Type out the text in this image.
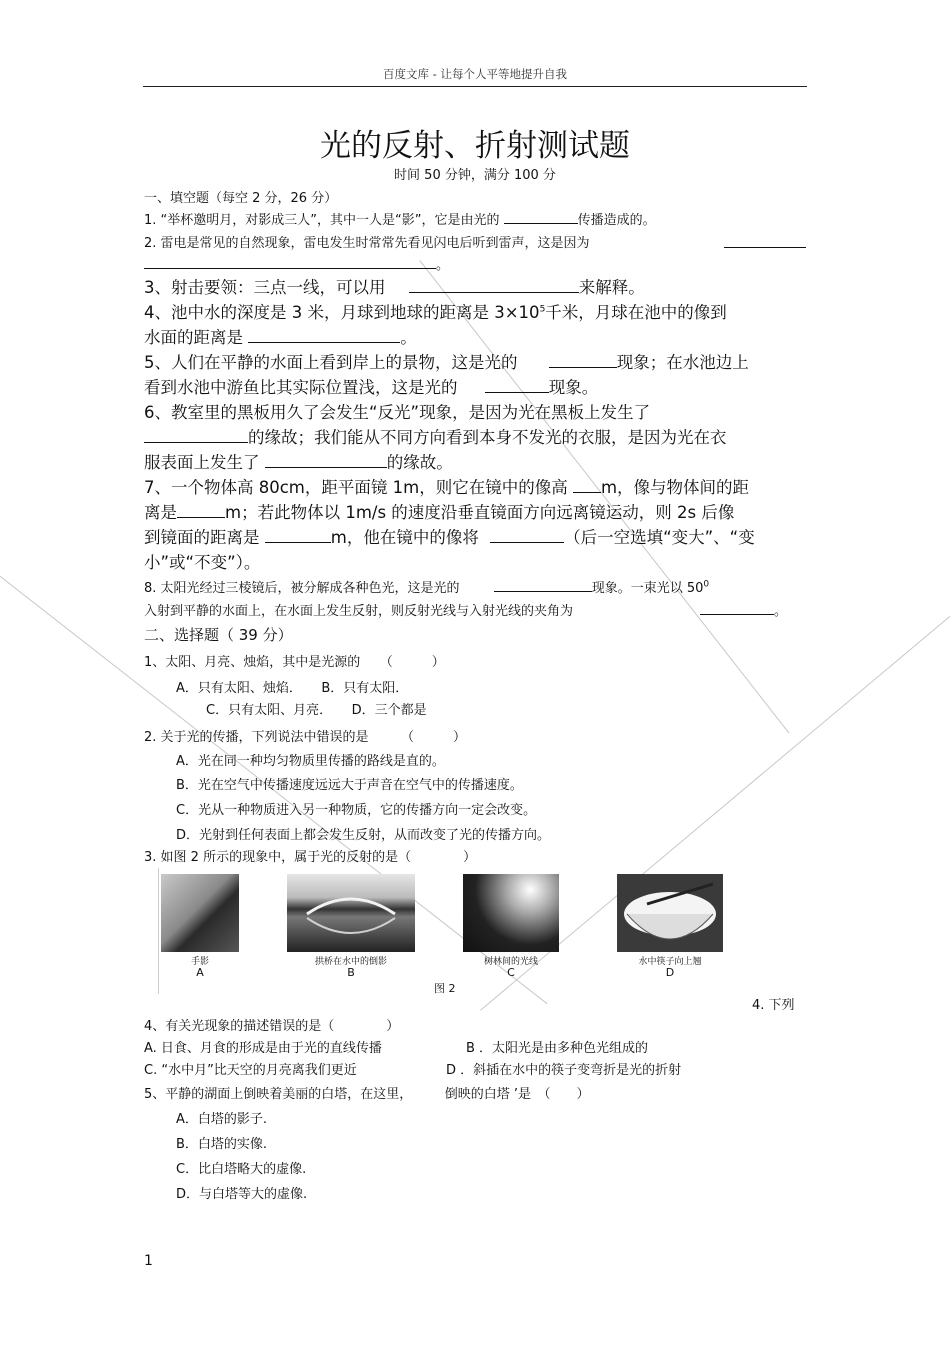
百度文库 - 让每个人平等地提升自我
光的反射、折射测试题
时间 50 分钟，满分 100 分
一、填空题（每空 2 分，26 分）
1. “举杯邀明月，对影成三人”，其中一人是“影”，它是由光的	传播造成的。
2. 雷电是常见的自然现象，雷电发生时常常先看见闪电后听到雷声，这是因为
。
3、射击要领：三点一线，可以用	来解释。
4、池中水的深度是 3 米，月球到地球的距离是 $3\times 10^5$千米，月球在池中的像到
水面的距离是	。
5、人们在平静的水面上看到岸上的景物，这是光的	现象；在水池边上
看到水池中游鱼比其实际位置浅，这是光的	现象。
6、教室里的黑板用久了会发生“反光”现象，是因为光在黑板上发生了
的缘故；我们能从不同方向看到本身不发光的衣服，是因为光在衣
服表面上发生了	的缘故。
7、一个物体高 80cm，距平面镜 1m，则它在镜中的像高 m，像与物体间的距
离是	m；若此物体以 1m/s 的速度沿垂直镜面方向远离镜运动，则 2s 后像
到镜面的距离是	m，他在镜中的像将	（后一空选填“变大”、“变
小”或“不变”）。
8. 太阳光经过三棱镜后，被分解成各种色光，这是光的	现象。一束光以 $50^0$
入射到平静的水面上，在水面上发生反射，则反射光线与入射光线的夹角为	。
二、选择题（ 39 分）
1、太阳、月亮、烛焰，其中是光源的　　（　　　）
A．只有太阳、烛焰．　　B．只有太阳．
C．只有太阳、月亮．　　D．三个都是
2. 关于光的传播，下列说法中错误的是　　　（　　　）
A．光在同一种均匀物质里传播的路线是直的。
B．光在空气中传播速度远远大于声音在空气中的传播速度。
C．光从一种物质进入另一种物质，它的传播方向一定会改变。
D．光射到任何表面上都会发生反射，从而改变了光的传播方向。
3. 如图 2 所示的现象中，属于光的反射的是（　　　　）
手影	拱桥在水中的倒影	树林间的光线	水中筷子向上翘
A	B	C	D
图 2
4. 下列
4、有关光现象的描述错误的是（　　　　）
A. 日食、月食的形成是由于光的直线传播	B ．太阳光是由多种色光组成的
C. “水中月”比天空的月亮离我们更近	D ．斜插在水中的筷子变弯折是光的折射
5、平静的湖面上倒映着美丽的白塔，在这里，　　　倒映的白塔 ’是　（　　）
A．白塔的影子.
B．白塔的实像.
C．比白塔略大的虚像.
D．与白塔等大的虚像.
1
